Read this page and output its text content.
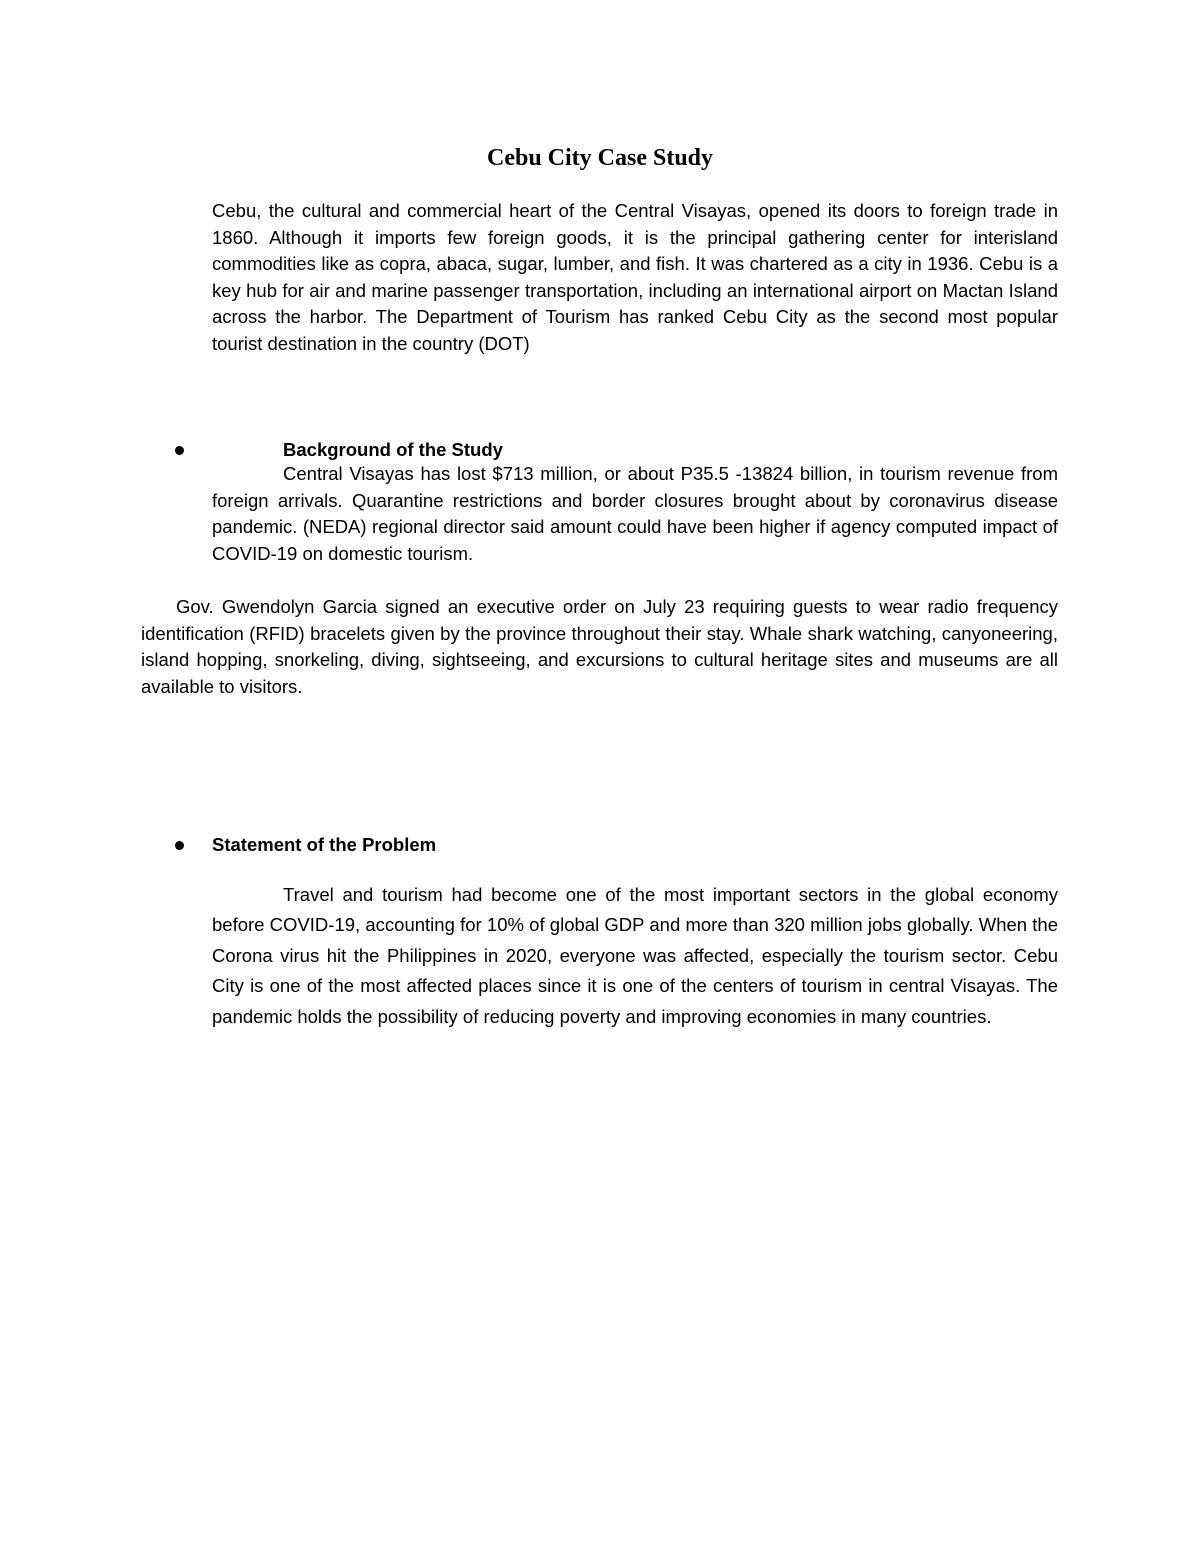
Cebu City Case Study

Cebu, the cultural and commercial heart of the Central Visayas, opened its doors to foreign trade in 1860. Although it imports few foreign goods, it is the principal gathering center for interisland commodities like as copra, abaca, sugar, lumber, and fish. It was chartered as a city in 1936. Cebu is a key hub for air and marine passenger transportation, including an international airport on Mactan Island across the harbor. The Department of Tourism has ranked Cebu City as the second most popular tourist destination in the country (DOT)

Background of the Study

Central Visayas has lost $713 million, or about P35.5 -13824 billion, in tourism revenue from foreign arrivals. Quarantine restrictions and border closures brought about by coronavirus disease pandemic. (NEDA) regional director said amount could have been higher if agency computed impact of COVID-19 on domestic tourism.

Gov. Gwendolyn Garcia signed an executive order on July 23 requiring guests to wear radio frequency identification (RFID) bracelets given by the province throughout their stay. Whale shark watching, canyoneering, island hopping, snorkeling, diving, sightseeing, and excursions to cultural heritage sites and museums are all available to visitors.

Statement of the Problem

Travel and tourism had become one of the most important sectors in the global economy before COVID-19, accounting for 10% of global GDP and more than 320 million jobs globally. When the Corona virus hit the Philippines in 2020, everyone was affected, especially the tourism sector. Cebu City is one of the most affected places since it is one of the centers of tourism in central Visayas. The pandemic holds the possibility of reducing poverty and improving economies in many countries.
